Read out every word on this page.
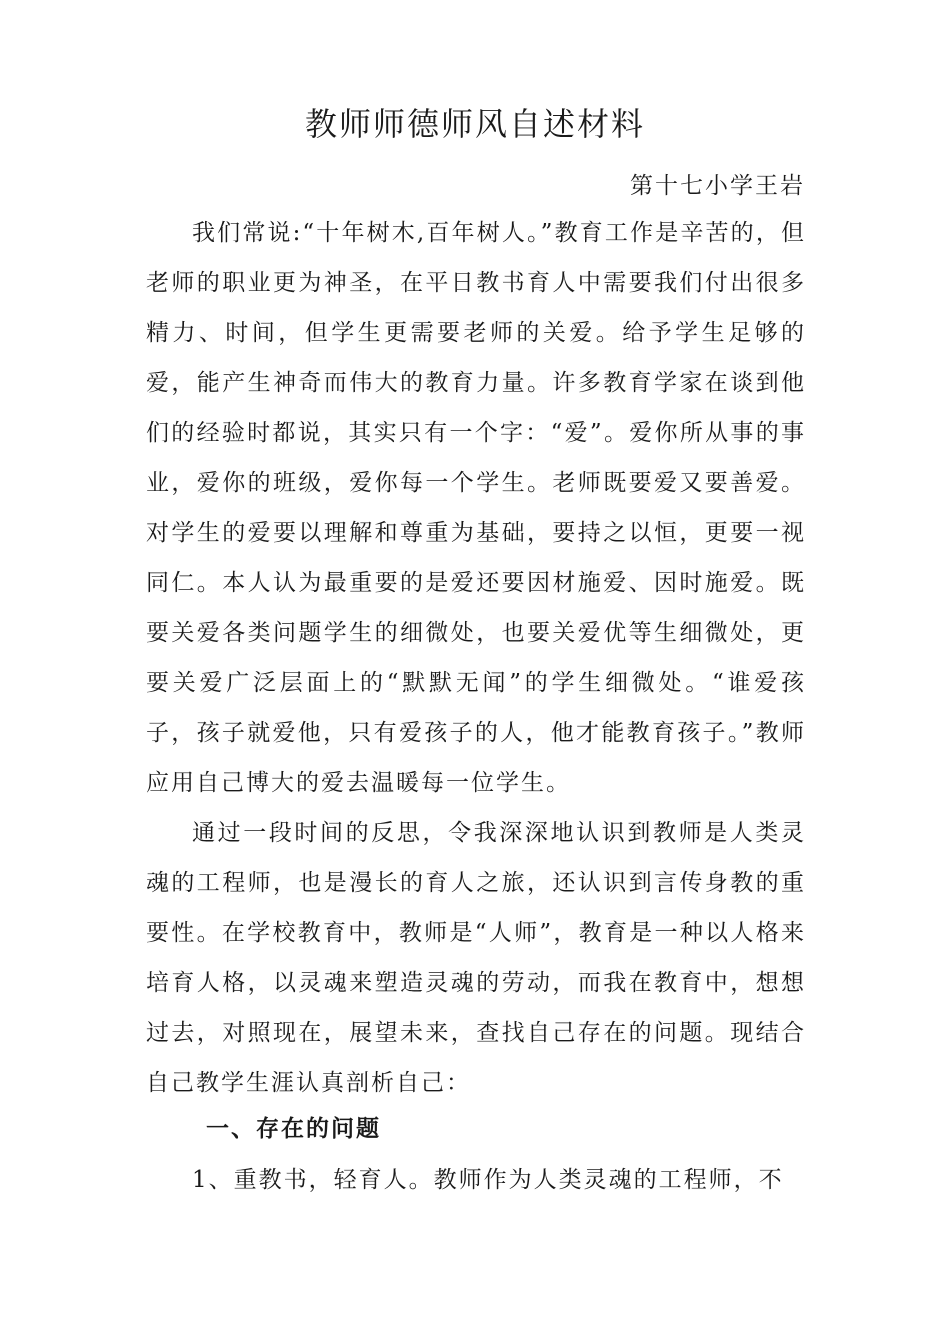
教师师德师风自述材料
第十七小学王岩

我们常说:“十年树木,百年树人。”教育工作是辛苦的，但老师的职业更为神圣，在平日教书育人中需要我们付出很多精力、时间，但学生更需要老师的关爱。给予学生足够的爱，能产生神奇而伟大的教育力量。许多教育学家在谈到他们的经验时都说，其实只有一个字：“爱”。爱你所从事的事业，爱你的班级，爱你每一个学生。老师既要爱又要善爱。对学生的爱要以理解和尊重为基础，要持之以恒，更要一视同仁。本人认为最重要的是爱还要因材施爱、因时施爱。既要关爱各类问题学生的细微处，也要关爱优等生细微处，更要关爱广泛层面上的“默默无闻”的学生细微处。“谁爱孩子，孩子就爱他，只有爱孩子的人，他才能教育孩子。”教师应用自己博大的爱去温暖每一位学生。

通过一段时间的反思，令我深深地认识到教师是人类灵魂的工程师，也是漫长的育人之旅，还认识到言传身教的重要性。在学校教育中，教师是“人师”，教育是一种以人格来培育人格，以灵魂来塑造灵魂的劳动，而我在教育中，想想过去，对照现在，展望未来，查找自己存在的问题。现结合自己教学生涯认真剖析自己：

一、存在的问题

1、重教书，轻育人。教师作为人类灵魂的工程师，不
